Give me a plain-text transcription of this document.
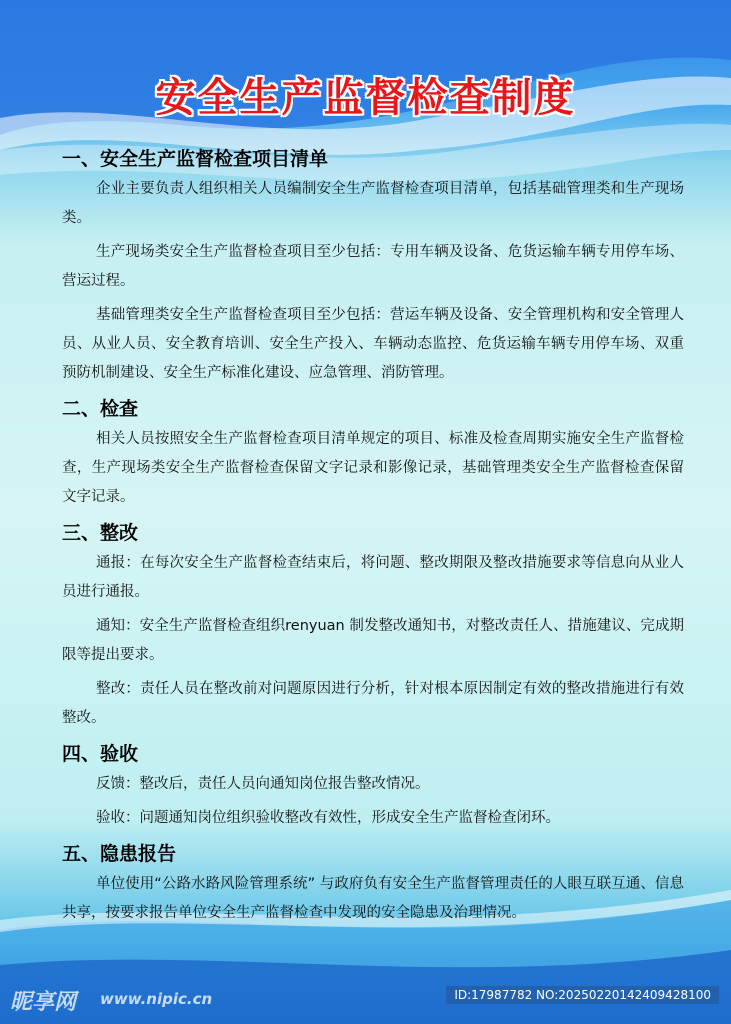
安全生产监督检查制度
一、安全生产监督检查项目清单
企业主要负责人组织相关人员编制安全生产监督检查项目清单，包括基础管理类和生产现场类。
生产现场类安全生产监督检查项目至少包括：专用车辆及设备、危货运输车辆专用停车场、营运过程。
基础管理类安全生产监督检查项目至少包括：营运车辆及设备、安全管理机构和安全管理人员、从业人员、安全教育培训、安全生产投入、车辆动态监控、危货运输车辆专用停车场、双重预防机制建设、安全生产标准化建设、应急管理、消防管理。
二、检查
相关人员按照安全生产监督检查项目清单规定的项目、标准及检查周期实施安全生产监督检查，生产现场类安全生产监督检查保留文字记录和影像记录，基础管理类安全生产监督检查保留文字记录。
三、整改
通报：在每次安全生产监督检查结束后，将问题、整改期限及整改措施要求等信息向从业人员进行通报。
通知：安全生产监督检查组织renyuan 制发整改通知书，对整改责任人、措施建议、完成期限等提出要求。
整改：责任人员在整改前对问题原因进行分析，针对根本原因制定有效的整改措施进行有效整改。
四、验收
反馈：整改后，责任人员向通知岗位报告整改情况。
验收：问题通知岗位组织验收整改有效性，形成安全生产监督检查闭环。
五、隐患报告
单位使用“公路水路风险管理系统” 与政府负有安全生产监督管理责任的人眼互联互通、信息共享，按要求报告单位安全生产监督检查中发现的安全隐患及治理情况。
昵享网 www.nipic.cn	ID:17987782 NO:20250220142409428100
